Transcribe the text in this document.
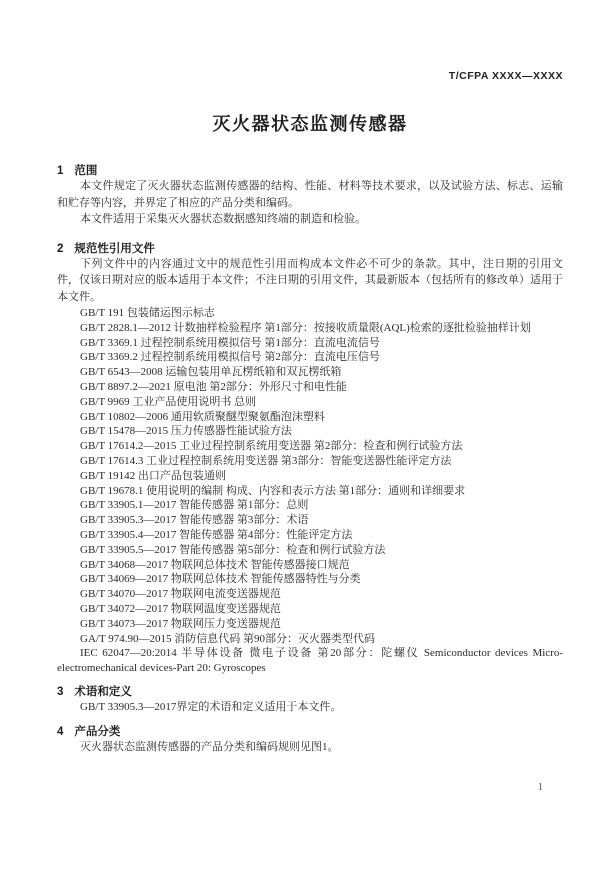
T/CFPA XXXX—XXXX
灭火器状态监测传感器
1 范围

本文件规定了灭火器状态监测传感器的结构、性能、材料等技术要求，以及试验方法、标志、运输和贮存等内容，并界定了相应的产品分类和编码。

本文件适用于采集灭火器状态数据感知终端的制造和检验。

2 规范性引用文件

下列文件中的内容通过文中的规范性引用而构成本文件必不可少的条款。其中，注日期的引用文件，仅该日期对应的版本适用于本文件；不注日期的引用文件，其最新版本（包括所有的修改单）适用于本文件。

GB/T 191 包装储运图示标志
GB/T 2828.1—2012 计数抽样检验程序 第1部分：按接收质量限(AQL)检索的逐批检验抽样计划
GB/T 3369.1 过程控制系统用模拟信号 第1部分：直流电流信号
GB/T 3369.2 过程控制系统用模拟信号 第2部分：直流电压信号
GB/T 6543—2008 运输包装用单瓦楞纸箱和双瓦楞纸箱
GB/T 8897.2—2021 原电池 第2部分：外形尺寸和电性能
GB/T 9969 工业产品使用说明书 总则
GB/T 10802—2006 通用软质聚醚型聚氨酯泡沫塑料
GB/T 15478—2015 压力传感器性能试验方法
GB/T 17614.2—2015 工业过程控制系统用变送器 第2部分：检查和例行试验方法
GB/T 17614.3 工业过程控制系统用变送器 第3部分：智能变送器性能评定方法
GB/T 19142 出口产品包装通则
GB/T 19678.1 使用说明的编制 构成、内容和表示方法 第1部分：通则和详细要求
GB/T 33905.1—2017 智能传感器 第1部分：总则
GB/T 33905.3—2017 智能传感器 第3部分：术语
GB/T 33905.4—2017 智能传感器 第4部分：性能评定方法
GB/T 33905.5—2017 智能传感器 第5部分：检查和例行试验方法
GB/T 34068—2017 物联网总体技术 智能传感器接口规范
GB/T 34069—2017 物联网总体技术 智能传感器特性与分类
GB/T 34070—2017 物联网电流变送器规范
GB/T 34072—2017 物联网温度变送器规范
GB/T 34073—2017 物联网压力变送器规范
GA/T 974.90—2015 消防信息代码 第90部分：灭火器类型代码
IEC 62047—20:2014 半导体设备 微电子设备 第20部分：陀螺仪 Semiconductor devices Micro-electromechanical devices-Part 20: Gyroscopes
3 术语和定义

GB/T 33905.3—2017界定的术语和定义适用于本文件。

4 产品分类

灭火器状态监测传感器的产品分类和编码规则见图1。

1
